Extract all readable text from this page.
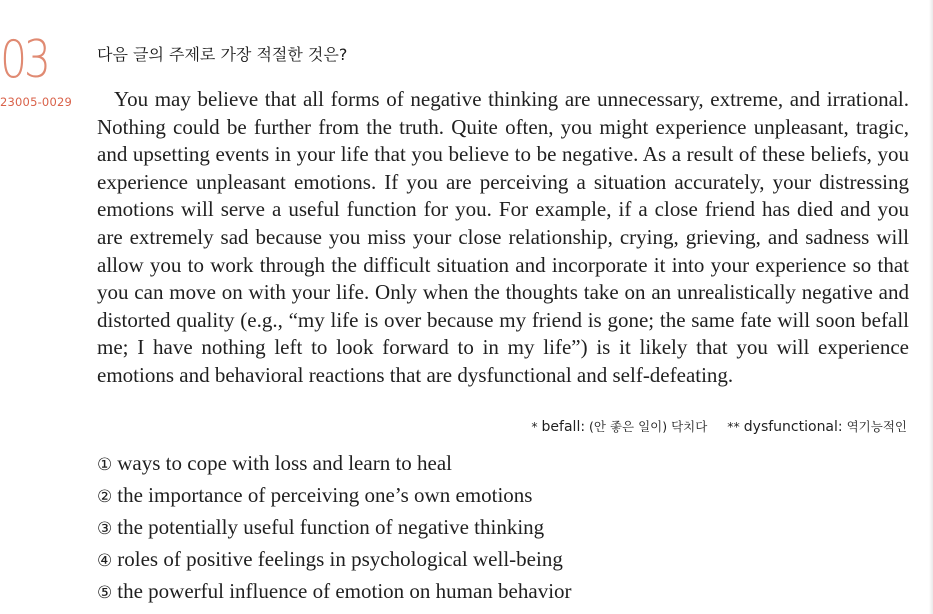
03
23005-0029
다음 글의 주제로 가장 적절한 것은?

You may believe that all forms of negative thinking are unnecessary, extreme, and irrational. Nothing could be further from the truth. Quite often, you might experience unpleasant, tragic, and upsetting events in your life that you believe to be negative. As a result of these beliefs, you experience unpleasant emotions. If you are perceiving a situation accurately, your distressing emotions will serve a useful function for you. For example, if a close friend has died and you are extremely sad because you miss your close relationship, crying, grieving, and sadness will allow you to work through the difficult situation and incorporate it into your experience so that you can move on with your life. Only when the thoughts take on an unrealistically negative and distorted quality (e.g., “my life is over because my friend is gone; the same fate will soon befall me; I have nothing left to look forward to in my life”) is it likely that you will experience emotions and behavioral reactions that are dysfunctional and self-defeating.

* befall: (안 좋은 일이) 닥치다 ** dysfunctional: 역기능적인
① ways to cope with loss and learn to heal
② the importance of perceiving one’s own emotions
③ the potentially useful function of negative thinking
④ roles of positive feelings in psychological well-being
⑤ the powerful influence of emotion on human behavior
